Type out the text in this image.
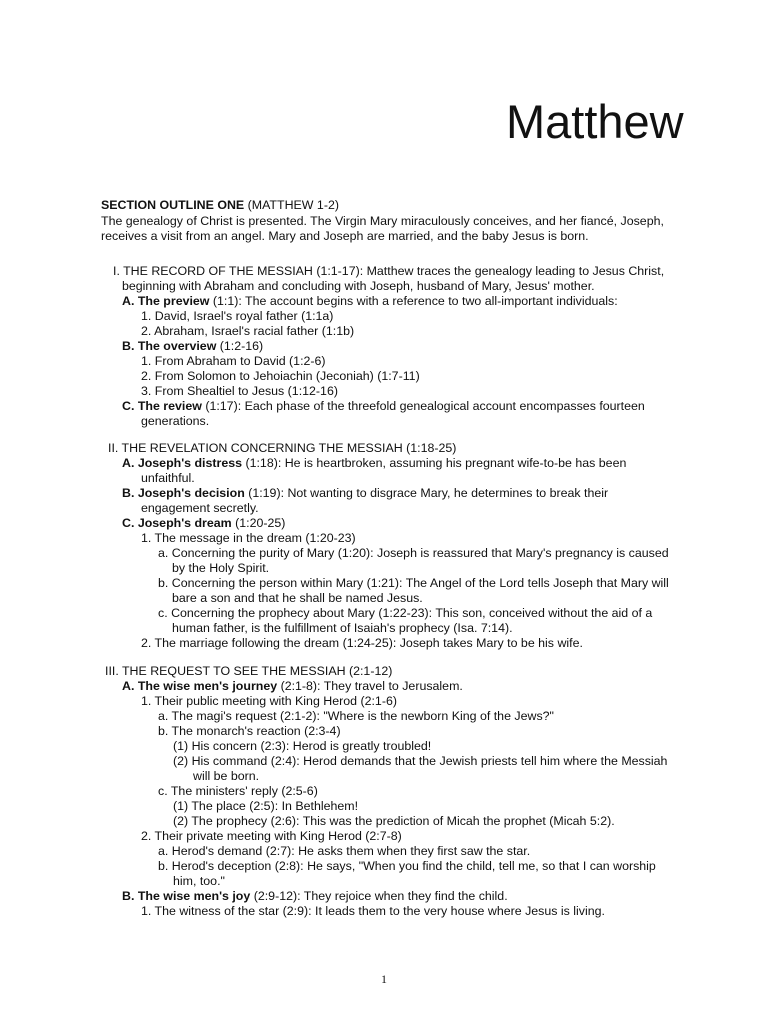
Matthew
SECTION OUTLINE ONE (MATTHEW 1-2)
The genealogy of Christ is presented. The Virgin Mary miraculously conceives, and her fiancé, Joseph, receives a visit from an angel. Mary and Joseph are married, and the baby Jesus is born.
I. THE RECORD OF THE MESSIAH (1:1-17): Matthew traces the genealogy leading to Jesus Christ,
beginning with Abraham and concluding with Joseph, husband of Mary, Jesus' mother.
A. The preview (1:1): The account begins with a reference to two all-important individuals:
1. David, Israel's royal father (1:1a)
2. Abraham, Israel's racial father (1:1b)
B. The overview (1:2-16)
1. From Abraham to David (1:2-6)
2. From Solomon to Jehoiachin (Jeconiah) (1:7-11)
3. From Shealtiel to Jesus (1:12-16)
C. The review (1:17): Each phase of the threefold genealogical account encompasses fourteen
generations.
II. THE REVELATION CONCERNING THE MESSIAH (1:18-25)
A. Joseph's distress (1:18): He is heartbroken, assuming his pregnant wife-to-be has been
unfaithful.
B. Joseph's decision (1:19): Not wanting to disgrace Mary, he determines to break their
engagement secretly.
C. Joseph's dream (1:20-25)
1. The message in the dream (1:20-23)
a. Concerning the purity of Mary (1:20): Joseph is reassured that Mary's pregnancy is caused
by the Holy Spirit.
b. Concerning the person within Mary (1:21): The Angel of the Lord tells Joseph that Mary will
bare a son and that he shall be named Jesus.
c. Concerning the prophecy about Mary (1:22-23): This son, conceived without the aid of a
human father, is the fulfillment of Isaiah's prophecy (Isa. 7:14).
2. The marriage following the dream (1:24-25): Joseph takes Mary to be his wife.
III. THE REQUEST TO SEE THE MESSIAH (2:1-12)
A. The wise men's journey (2:1-8): They travel to Jerusalem.
1. Their public meeting with King Herod (2:1-6)
a. The magi's request (2:1-2): "Where is the newborn King of the Jews?"
b. The monarch's reaction (2:3-4)
(1) His concern (2:3): Herod is greatly troubled!
(2) His command (2:4): Herod demands that the Jewish priests tell him where the Messiah
will be born.
c. The ministers' reply (2:5-6)
(1) The place (2:5): In Bethlehem!
(2) The prophecy (2:6): This was the prediction of Micah the prophet (Micah 5:2).
2. Their private meeting with King Herod (2:7-8)
a. Herod's demand (2:7): He asks them when they first saw the star.
b. Herod's deception (2:8): He says, "When you find the child, tell me, so that I can worship
him, too."
B. The wise men's joy (2:9-12): They rejoice when they find the child.
1. The witness of the star (2:9): It leads them to the very house where Jesus is living.
1
